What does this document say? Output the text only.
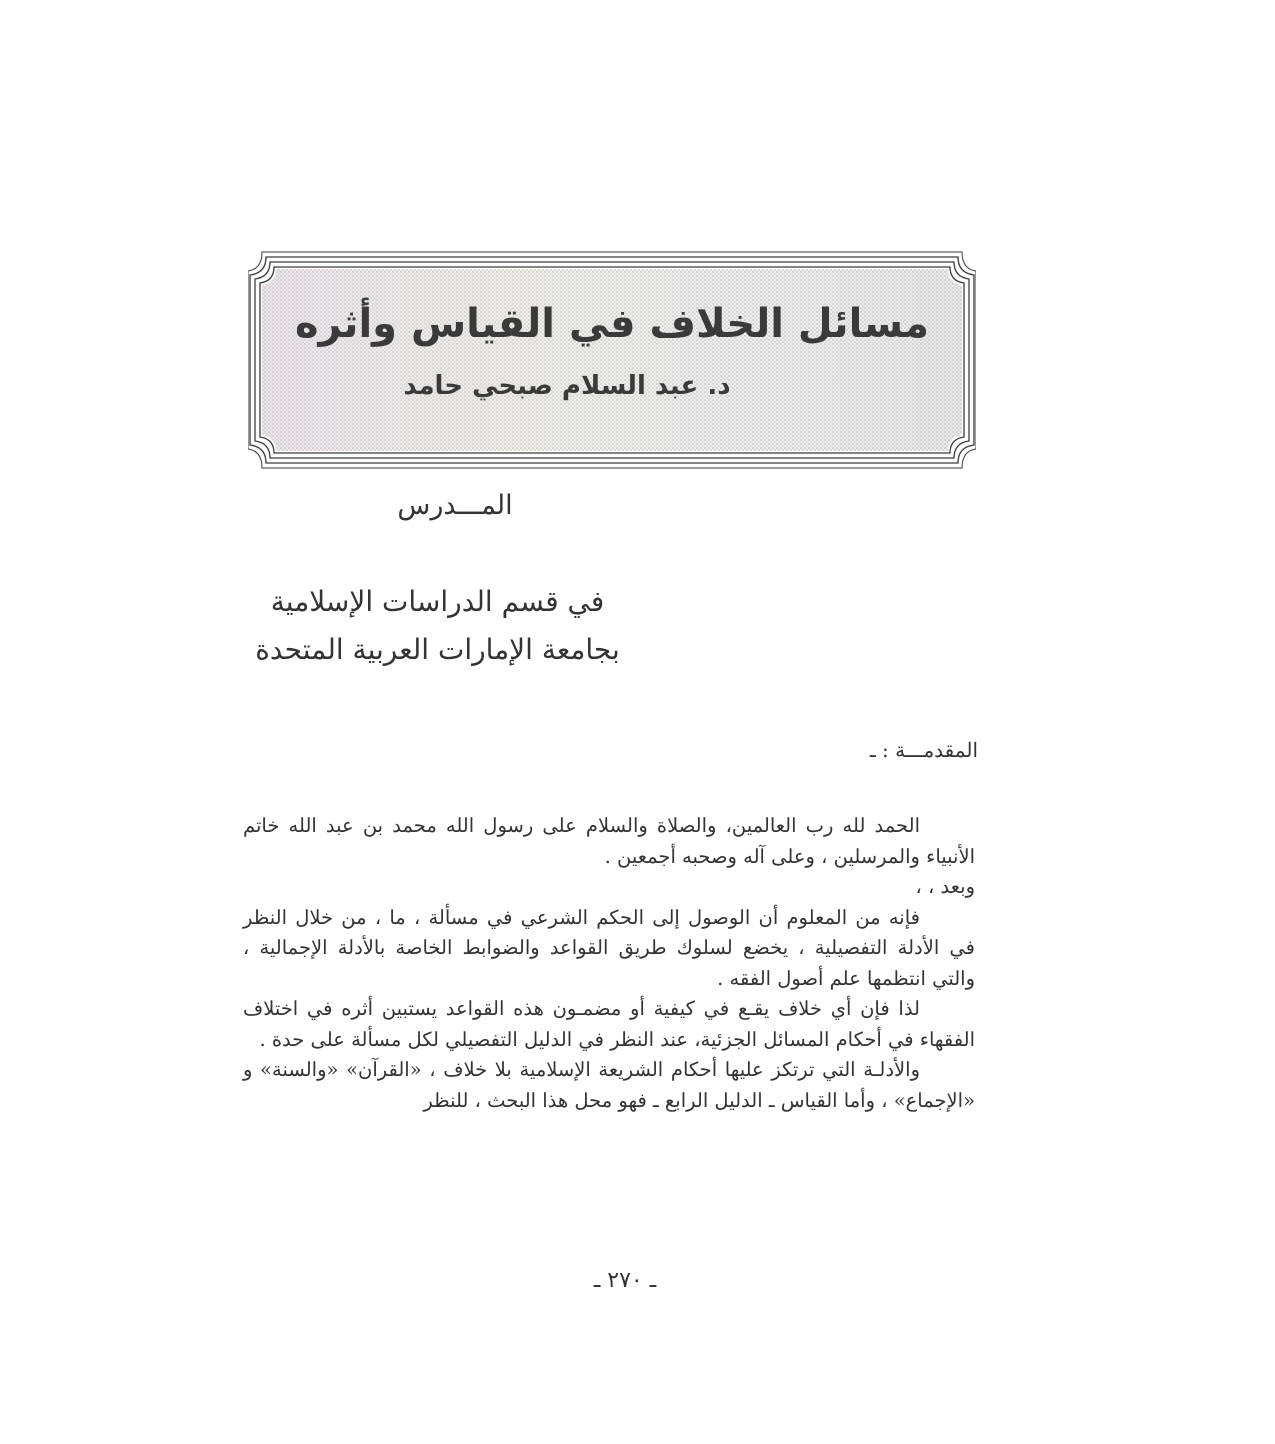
مسائل الخلاف في القياس وأثره
د. عبد السلام صبحي حامد
المـــدرس
في قسم الدراسات الإسلامية
بجامعة الإمارات العربية المتحدة
المقدمـــة : ـ

الحمد لله رب العالمين، والصلاة والسلام على رسول الله محمد بن عبد الله خاتم الأنبياء والمرسلين ، وعلى آله وصحبه أجمعين .

وبعد ، ،

فإنه من المعلوم أن الوصول إلى الحكم الشرعي في مسألة ، ما ، من خلال النظر في الأدلة التفصيلية ، يخضع لسلوك طريق القواعد والضوابط الخاصة بالأدلة الإجمالية ، والتي انتظمها علم أصول الفقه .

لذا فإن أي خلاف يقـع في كيفية أو مضمـون هذه القواعد يستبين أثره في اختلاف الفقهاء في أحكام المسائل الجزئية، عند النظر في الدليل التفصيلي لكل مسألة على حدة .

والأدلـة التي ترتكز عليها أحكام الشريعة الإسلامية بلا خلاف ، «القرآن» «والسنة» و «الإجماع» ، وأما القياس ـ الدليل الرابع ـ فهو محل هذا البحث ، للنظر

ـ ٢٧٠ ـ
